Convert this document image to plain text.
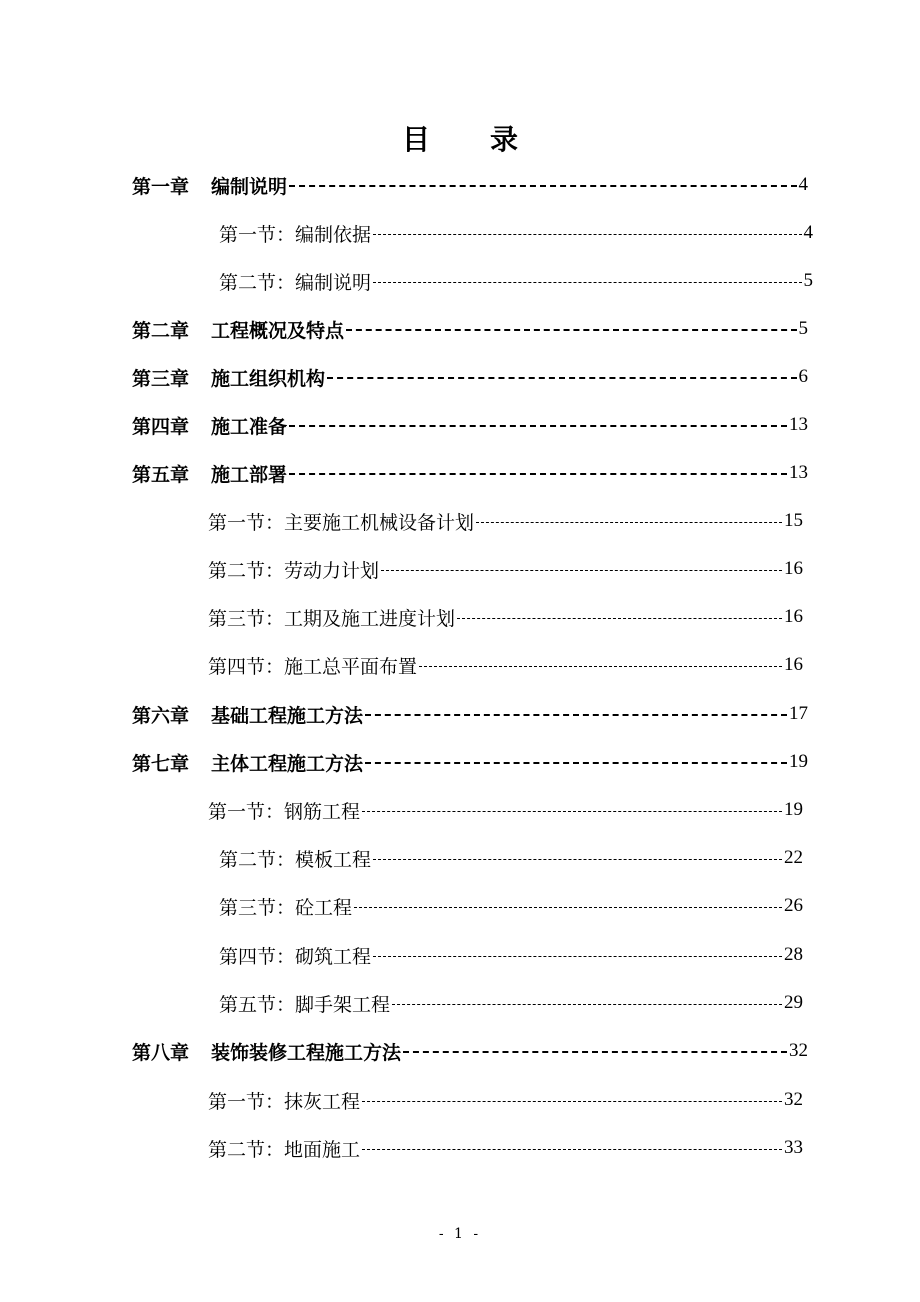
目录
第一章 编制说明	4
第一节： 编制依据	4
第二节： 编制说明	5
第二章 工程概况及特点	5
第三章 施工组织机构	6
第四章 施工准备	13
第五章 施工部署	13
第一节： 主要施工机械设备计划	15
第二节： 劳动力计划	16
第三节： 工期及施工进度计划	16
第四节： 施工总平面布置	16
第六章 基础工程施工方法	17
第七章 主体工程施工方法	19
第一节： 钢筋工程	19
第二节： 模板工程	22
第三节： 砼工程	26
第四节： 砌筑工程	28
第五节： 脚手架工程	29
第八章 装饰装修工程施工方法	32
第一节： 抹灰工程	32
第二节： 地面施工	33
- 1 -
